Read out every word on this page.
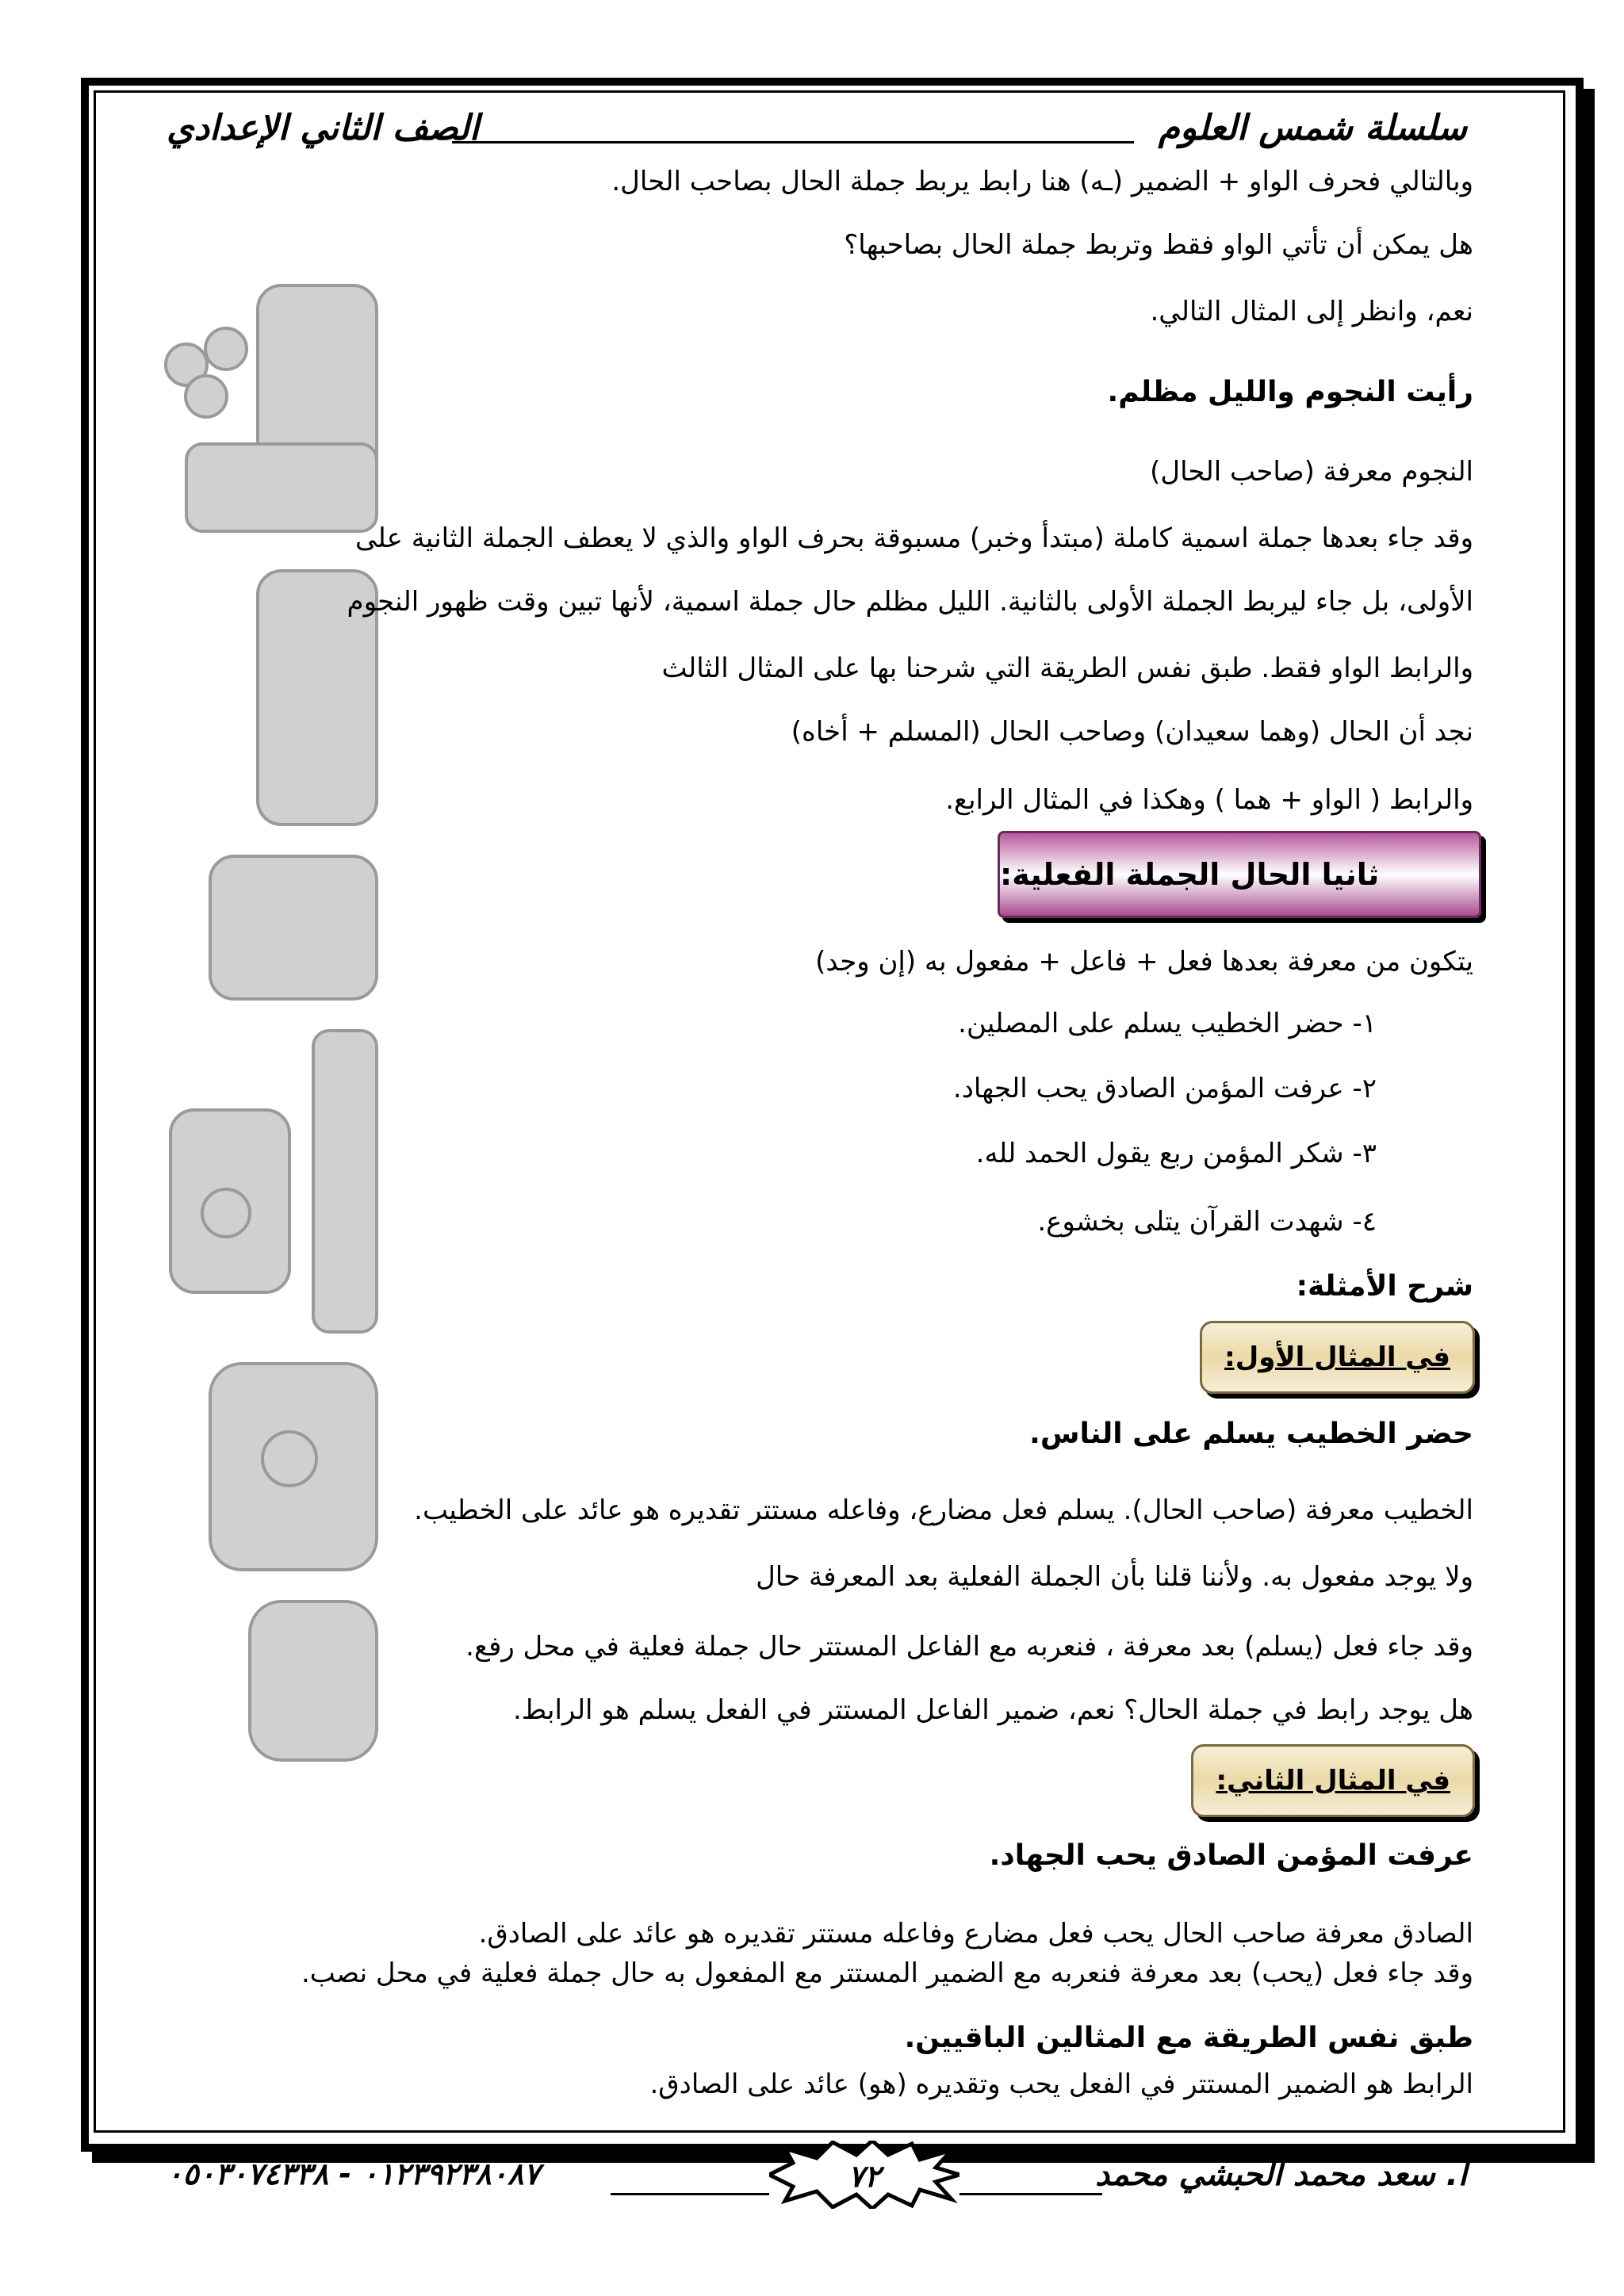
سلسلة شمس العلوم
الصف الثاني الإعدادي
وبالتالي فحرف الواو + الضمير (ـه) هنا رابط يربط جملة الحال بصاحب الحال.
هل يمكن أن تأتي الواو فقط وتربط جملة الحال بصاحبها؟
نعم، وانظر إلى المثال التالي.
رأيت النجوم والليل مظلم.
النجوم معرفة (صاحب الحال)
وقد جاء بعدها جملة اسمية كاملة (مبتدأ وخبر) مسبوقة بحرف الواو والذي لا يعطف الجملة الثانية على
الأولى، بل جاء ليربط الجملة الأولى بالثانية. الليل مظلم حال جملة اسمية، لأنها تبين وقت ظهور النجوم
والرابط الواو فقط. طبق نفس الطريقة التي شرحنا بها على المثال الثالث
نجد أن الحال (وهما سعيدان) وصاحب الحال (المسلم + أخاه)
والرابط ( الواو + هما ) وهكذا في المثال الرابع.
ثانيا الحال الجملة الفعلية:
يتكون من معرفة بعدها فعل + فاعل + مفعول به (إن وجد)
١- حضر الخطيب يسلم على المصلين.
٢- عرفت المؤمن الصادق يحب الجهاد.
٣- شكر المؤمن ربع يقول الحمد لله.
٤- شهدت القرآن يتلى بخشوع.
شرح الأمثلة:
في المثال الأول:
حضر الخطيب يسلم على الناس.
الخطيب معرفة (صاحب الحال). يسلم فعل مضارع، وفاعله مستتر تقديره هو عائد على الخطيب.
ولا يوجد مفعول به. ولأننا قلنا بأن الجملة الفعلية بعد المعرفة حال
وقد جاء فعل (يسلم) بعد معرفة ، فنعربه مع الفاعل المستتر حال جملة فعلية في محل رفع.
هل يوجد رابط في جملة الحال؟ نعم، ضمير الفاعل المستتر في الفعل يسلم هو الرابط.
في المثال الثاني:
عرفت المؤمن الصادق يحب الجهاد.
الصادق معرفة صاحب الحال يحب فعل مضارع وفاعله مستتر تقديره هو عائد على الصادق.
وقد جاء فعل (يحب) بعد معرفة فنعربه مع الضمير المستتر مع المفعول به حال جملة فعلية في محل نصب.
طبق نفس الطريقة مع المثالين الباقيين.
الرابط هو الضمير المستتر في الفعل يحب وتقديره (هو) عائد على الصادق.
أ. سعد محمد الحبشي محمد
٧٢
٠١٢٣٩٢٣٨٠٨٧ - ٠٥٠٣٠٧٤٣٣٨
